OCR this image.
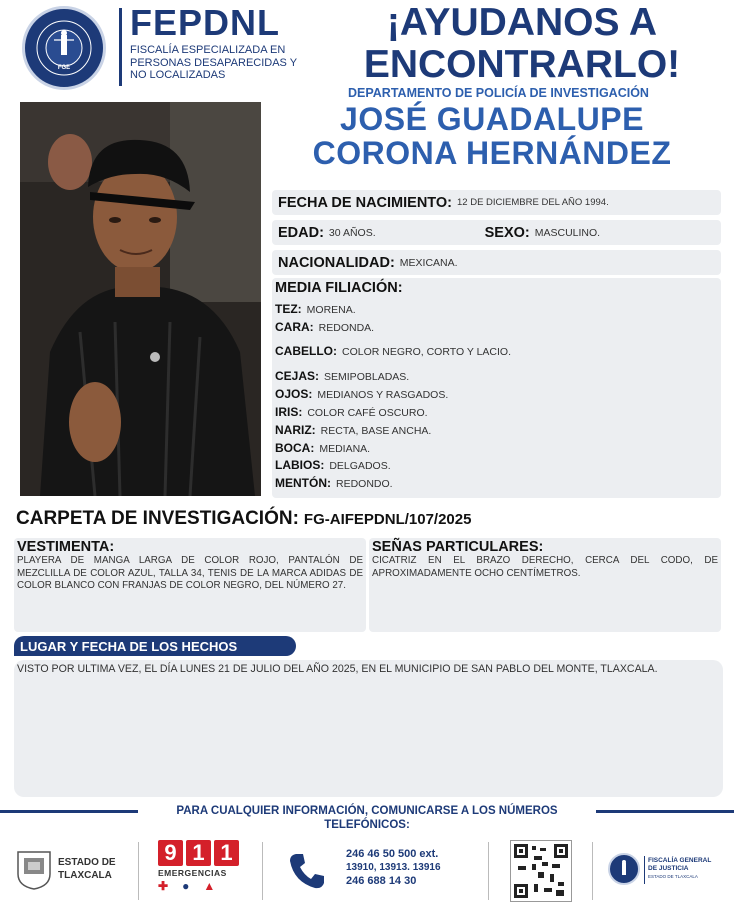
FGE
FEPDNL
FISCALÍA ESPECIALIZADA EN
PERSONAS DESAPARECIDAS Y
NO LOCALIZADAS
¡AYUDANOS A
ENCONTRARLO!
DEPARTAMENTO DE POLICÍA DE INVESTIGACIÓN
JOSÉ GUADALUPE
CORONA HERNÁNDEZ
FECHA DE NACIMIENTO: 12 DE DICIEMBRE DEL AÑO 1994.
EDAD: 30 AÑOS.	SEXO: MASCULINO.
NACIONALIDAD: MEXICANA.
MEDIA FILIACIÓN:
TEZ: MORENA.
CARA: REDONDA.
CABELLO: COLOR NEGRO, CORTO Y LACIO.
CEJAS: SEMIPOBLADAS.
OJOS: MEDIANOS Y RASGADOS.
IRIS: COLOR CAFÉ OSCURO.
NARIZ: RECTA, BASE ANCHA.
BOCA: MEDIANA.
LABIOS: DELGADOS.
MENTÓN: REDONDO.
CARPETA DE INVESTIGACIÓN: FG-AIFEPDNL/107/2025
VESTIMENTA:
PLAYERA DE MANGA LARGA DE COLOR ROJO, PANTALÓN DE MEZCLILLA DE COLOR AZUL, TALLA 34, TENIS DE LA MARCA ADIDAS DE COLOR BLANCO CON FRANJAS DE COLOR NEGRO, DEL NÚMERO 27.
SEÑAS PARTICULARES:
CICATRIZ EN EL BRAZO DERECHO, CERCA DEL CODO, DE APROXIMADAMENTE OCHO CENTÍMETROS.
LUGAR Y FECHA DE LOS HECHOS
VISTO POR ULTIMA VEZ, EL DÍA LUNES 21 DE JULIO DEL AÑO 2025, EN EL MUNICIPIO DE SAN PABLO DEL MONTE, TLAXCALA.
PARA CUALQUIER INFORMACIÓN, COMUNICARSE A LOS NÚMEROS
TELEFÓNICOS:
ESTADO DE
TLAXCALA
9 1 1
EMERGENCIAS
✚ ● ▲
246 46 50 500 ext.
13910, 13913. 13916
246 688 14 30
FISCALÍA GENERAL
DE JUSTICIA
ESTADO DE TLAXCALA
